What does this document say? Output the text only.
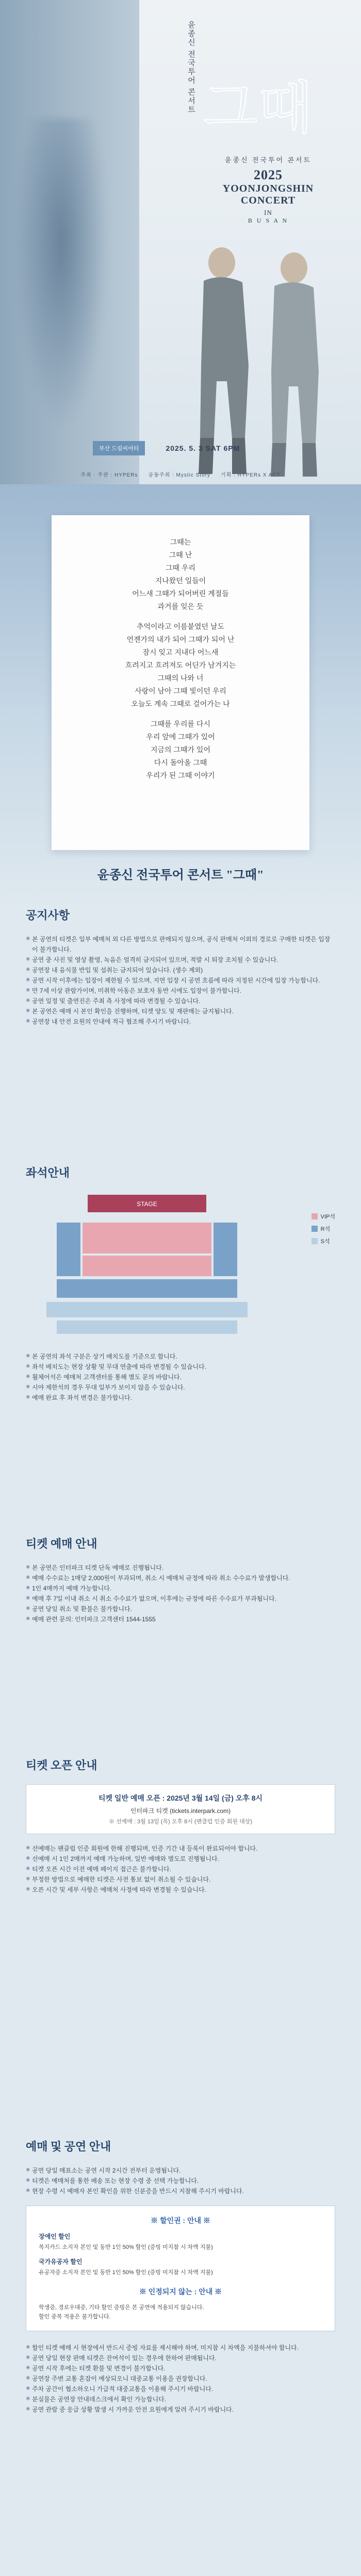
윤종신 전국투어 콘서트 그때
윤종신 전국투어 콘서트
2025
YOONJONGSHIN
CONCERT
IN
B U S A N
부산 드림씨어터	2025. 5. 3 SAT 6PM
주최 · 주관 : HYPERs 공동주최 : Mystic Story 기획 : HYPERs X ACT
그때는
그때 난
그때 우리
지나왔던 일들이
어느새 그때가 되어버린 계절들
과거를 잊은 듯
추억이라고 이름붙였던 날도
언젠가의 내가 되어 그때가 되어 난
잠시 잊고 지내다 어느새
흐려지고 흐려져도 어딘가 남겨지는
그때의 나와 너
사랑이 남아 그때 빛이던 우리
오늘도 계속 그때로 걸어가는 나
그때를 우리를 다시
우리 앞에 그때가 있어
지금의 그때가 있어
다시 돌아올 그때
우리가 된 그때 이야기
윤종신 전국투어 콘서트 "그때"
공지사항
※ 본 공연의 티켓은 일부 예매처 외 다른 방법으로 판매되지 않으며, 공식 판매처 이외의 경로로 구매한 티켓은 입장이 불가합니다.
※ 공연 중 사진 및 영상 촬영, 녹음은 엄격히 금지되어 있으며, 적발 시 퇴장 조치될 수 있습니다.
※ 공연장 내 음식물 반입 및 섭취는 금지되어 있습니다. (생수 제외)
※ 공연 시작 이후에는 입장이 제한될 수 있으며, 지연 입장 시 공연 흐름에 따라 지정된 시간에 입장 가능합니다.
※ 만 7세 이상 관람가이며, 미취학 아동은 보호자 동반 시에도 입장이 불가합니다.
※ 공연 일정 및 출연진은 주최 측 사정에 따라 변경될 수 있습니다.
※ 본 공연은 예매 시 본인 확인을 진행하며, 티켓 양도 및 재판매는 금지됩니다.
※ 공연장 내 안전 요원의 안내에 적극 협조해 주시기 바랍니다.
좌석안내
STAGE
VIP석
R석
S석
※ 본 공연의 좌석 구분은 상기 배치도를 기준으로 합니다.
※ 좌석 배치도는 현장 상황 및 무대 연출에 따라 변경될 수 있습니다.
※ 휠체어석은 예매처 고객센터를 통해 별도 문의 바랍니다.
※ 시야 제한석의 경우 무대 일부가 보이지 않을 수 있습니다.
※ 예매 완료 후 좌석 변경은 불가합니다.
티켓 예매 안내
※ 본 공연은 인터파크 티켓 단독 예매로 진행됩니다.
※ 예매 수수료는 1매당 2,000원이 부과되며, 취소 시 예매처 규정에 따라 취소 수수료가 발생합니다.
※ 1인 4매까지 예매 가능합니다.
※ 예매 후 7일 이내 취소 시 취소 수수료가 없으며, 이후에는 규정에 따른 수수료가 부과됩니다.
※ 공연 당일 취소 및 환불은 불가합니다.
※ 예매 관련 문의: 인터파크 고객센터 1544-1555
티켓 오픈 안내
티켓 일반 예매 오픈 : 2025년 3월 14일 (금) 오후 8시
인터파크 티켓 (tickets.interpark.com)
※ 선예매 : 3월 13일 (목) 오후 8시 (팬클럽 인증 회원 대상)
※ 선예매는 팬클럽 인증 회원에 한해 진행되며, 인증 기간 내 등록이 완료되어야 합니다.
※ 선예매 시 1인 2매까지 예매 가능하며, 일반 예매와 별도로 진행됩니다.
※ 티켓 오픈 시간 이전 예매 페이지 접근은 불가합니다.
※ 부정한 방법으로 예매한 티켓은 사전 통보 없이 취소될 수 있습니다.
※ 오픈 시간 및 세부 사항은 예매처 사정에 따라 변경될 수 있습니다.
예매 및 공연 안내
※ 공연 당일 매표소는 공연 시작 2시간 전부터 운영됩니다.
※ 티켓은 예매처를 통한 배송 또는 현장 수령 중 선택 가능합니다.
※ 현장 수령 시 예매자 본인 확인을 위한 신분증을 반드시 지참해 주시기 바랍니다.
※ 할인권 : 안내 ※
장애인 할인
복지카드 소지자 본인 및 동반 1인 50% 할인 (증빙 미지참 시 차액 지불)
국가유공자 할인
유공자증 소지자 본인 및 동반 1인 50% 할인 (증빙 미지참 시 차액 지불)
※ 인정되지 않는 : 안내 ※
학생증, 경로우대증, 기타 할인 증빙은 본 공연에 적용되지 않습니다.
할인 중복 적용은 불가합니다.
※ 할인 티켓 예매 시 현장에서 반드시 증빙 자료를 제시해야 하며, 미지참 시 차액을 지불하셔야 합니다.
※ 공연 당일 현장 판매 티켓은 잔여석이 있는 경우에 한하여 판매됩니다.
※ 공연 시작 후에는 티켓 환불 및 변경이 불가합니다.
※ 공연장 주변 교통 혼잡이 예상되오니 대중교통 이용을 권장합니다.
※ 주차 공간이 협소하오니 가급적 대중교통을 이용해 주시기 바랍니다.
※ 분실물은 공연장 안내데스크에서 확인 가능합니다.
※ 공연 관람 중 응급 상황 발생 시 가까운 안전 요원에게 알려 주시기 바랍니다.
